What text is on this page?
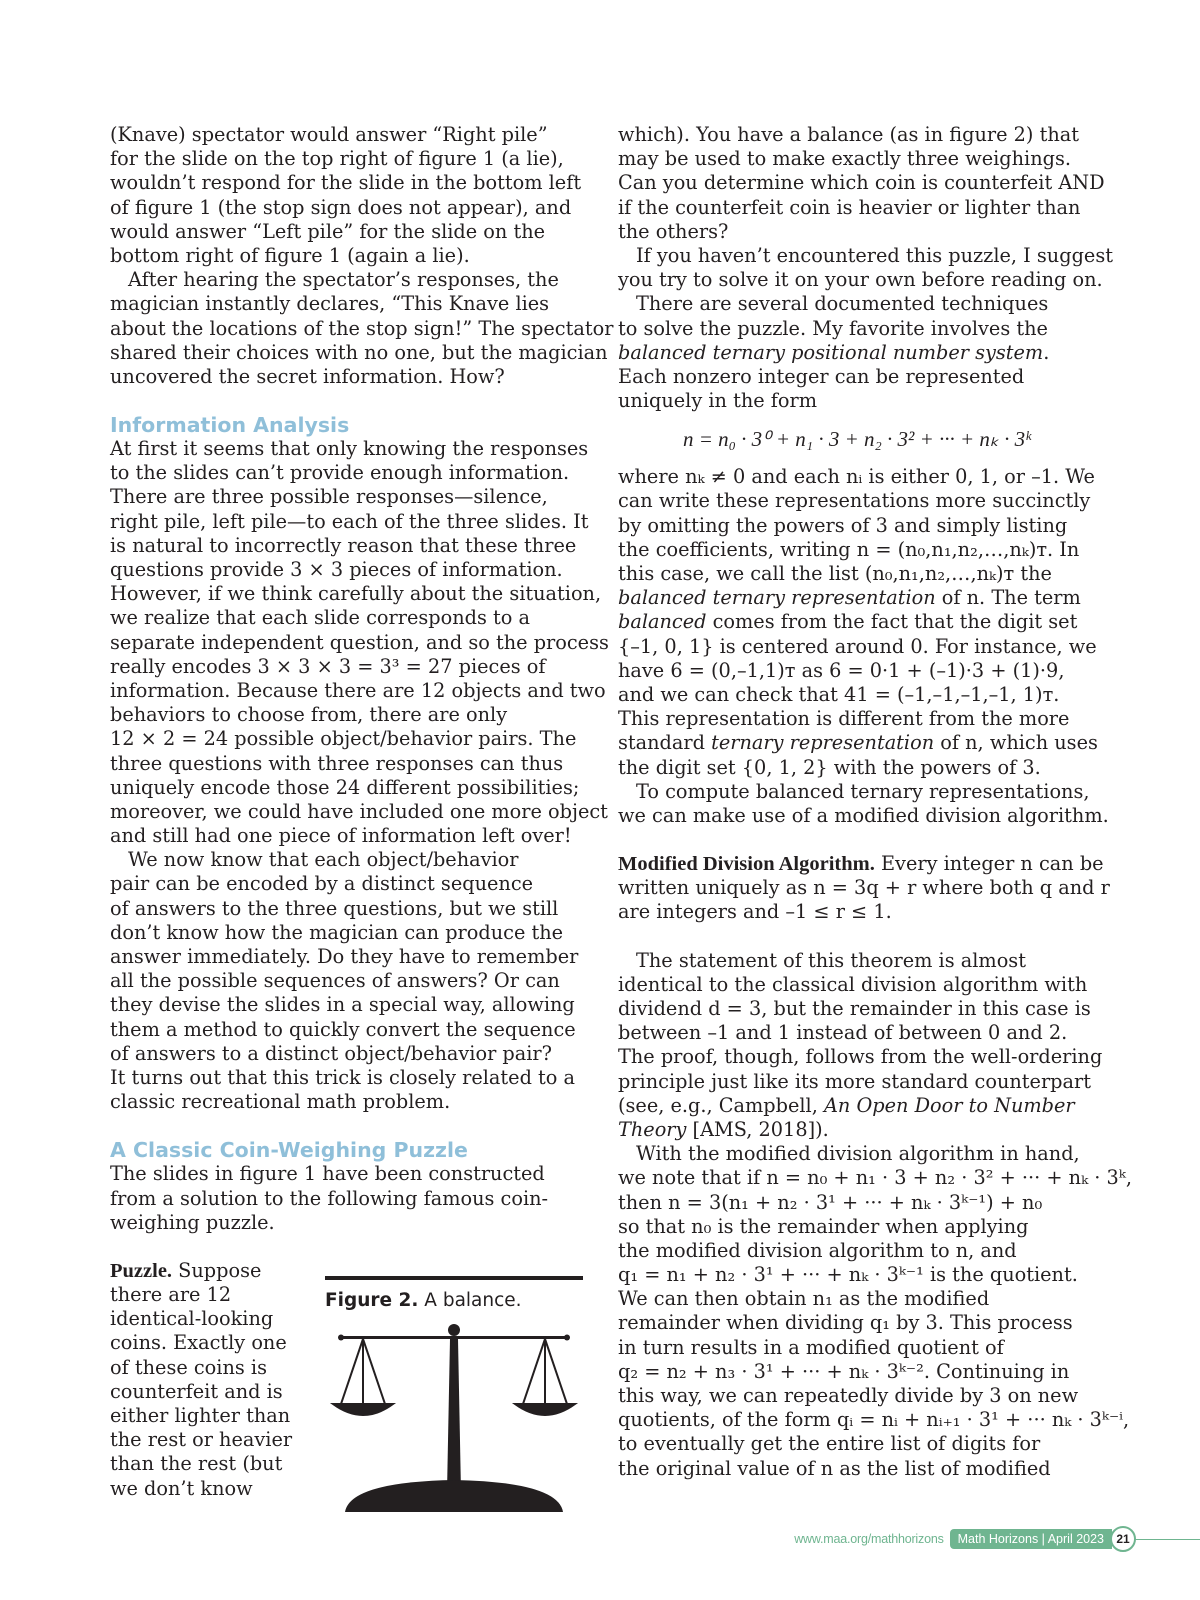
(Knave) spectator would answer “Right pile”
for the slide on the top right of figure 1 (a lie),
wouldn’t respond for the slide in the bottom left
of figure 1 (the stop sign does not appear), and
would answer “Left pile” for the slide on the
bottom right of figure 1 (again a lie).
After hearing the spectator’s responses, the
magician instantly declares, “This Knave lies
about the locations of the stop sign!” The spectator
shared their choices with no one, but the magician
uncovered the secret information. How?
Information Analysis
At first it seems that only knowing the responses
to the slides can’t provide enough information.
There are three possible responses—silence,
right pile, left pile—to each of the three slides. It
is natural to incorrectly reason that these three
questions provide 3 × 3 pieces of information.
However, if we think carefully about the situation,
we realize that each slide corresponds to a
separate independent question, and so the process
really encodes 3 × 3 × 3 = 3³ = 27 pieces of
information. Because there are 12 objects and two
behaviors to choose from, there are only
12 × 2 = 24 possible object/behavior pairs. The
three questions with three responses can thus
uniquely encode those 24 different possibilities;
moreover, we could have included one more object
and still had one piece of information left over!
We now know that each object/behavior
pair can be encoded by a distinct sequence
of answers to the three questions, but we still
don’t know how the magician can produce the
answer immediately. Do they have to remember
all the possible sequences of answers? Or can
they devise the slides in a special way, allowing
them a method to quickly convert the sequence
of answers to a distinct object/behavior pair?
It turns out that this trick is closely related to a
classic recreational math problem.
A Classic Coin-Weighing Puzzle
The slides in figure 1 have been constructed
from a solution to the following famous coin-
weighing puzzle.
Puzzle. Suppose
there are 12
identical-looking
coins. Exactly one
of these coins is
counterfeit and is
either lighter than
the rest or heavier
than the rest (but
we don’t know
Figure 2. A balance.
which). You have a balance (as in figure 2) that
may be used to make exactly three weighings.
Can you determine which coin is counterfeit AND
if the counterfeit coin is heavier or lighter than
the others?
If you haven’t encountered this puzzle, I suggest
you try to solve it on your own before reading on.
There are several documented techniques
to solve the puzzle. My favorite involves the
balanced ternary positional number system.
Each nonzero integer can be represented
uniquely in the form
n = n₀ · 3⁰ + n₁ · 3 + n₂ · 3² + ··· + nₖ · 3ᵏ
where nₖ ≠ 0 and each nᵢ is either 0, 1, or –1. We
can write these representations more succinctly
by omitting the powers of 3 and simply listing
the coefficients, writing n = (n₀,n₁,n₂,…,nₖ)ᴛ. In
this case, we call the list (n₀,n₁,n₂,…,nₖ)ᴛ the
balanced ternary representation of n. The term
balanced comes from the fact that the digit set
{–1, 0, 1} is centered around 0. For instance, we
have 6 = (0,–1,1)ᴛ as 6 = 0·1 + (–1)·3 + (1)·9,
and we can check that 41 = (–1,–1,–1,–1, 1)ᴛ.
This representation is different from the more
standard ternary representation of n, which uses
the digit set {0, 1, 2} with the powers of 3.
To compute balanced ternary representations,
we can make use of a modified division algorithm.
Modified Division Algorithm. Every integer n can be
written uniquely as n = 3q + r where both q and r
are integers and –1 ≤ r ≤ 1.
The statement of this theorem is almost
identical to the classical division algorithm with
dividend d = 3, but the remainder in this case is
between –1 and 1 instead of between 0 and 2.
The proof, though, follows from the well-ordering
principle just like its more standard counterpart
(see, e.g., Campbell, An Open Door to Number
Theory [AMS, 2018]).
With the modified division algorithm in hand,
we note that if n = n₀ + n₁ · 3 + n₂ · 3² + ··· + nₖ · 3ᵏ,
then n = 3(n₁ + n₂ · 3¹ + ··· + nₖ · 3ᵏ⁻¹) + n₀
so that n₀ is the remainder when applying
the modified division algorithm to n, and
q₁ = n₁ + n₂ · 3¹ + ··· + nₖ · 3ᵏ⁻¹ is the quotient.
We can then obtain n₁ as the modified
remainder when dividing q₁ by 3. This process
in turn results in a modified quotient of
q₂ = n₂ + n₃ · 3¹ + ··· + nₖ · 3ᵏ⁻². Continuing in
this way, we can repeatedly divide by 3 on new
quotients, of the form qᵢ = nᵢ + nᵢ₊₁ · 3¹ + ··· nₖ · 3ᵏ⁻ⁱ,
to eventually get the entire list of digits for
the original value of n as the list of modified
www.maa.org/mathhorizons	Math Horizons | April 2023	21
